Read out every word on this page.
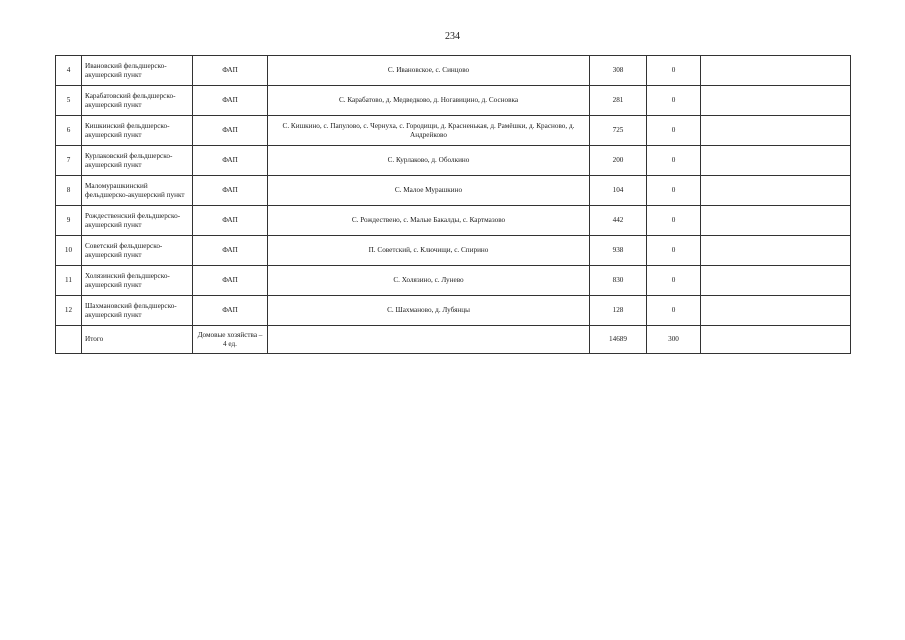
234
4	Ивановский фельдшерско-акушерский пункт	ФАП	С. Ивановское, с. Синцово	308	0	
5	Карабатовский фельдшерско-акушерский пункт	ФАП	С. Карабатово, д. Медведково, д. Ногавицино, д. Сосновка	281	0	
6	Кишкинский фельдшерско-акушерский пункт	ФАП	С. Кишкино, с. Папулово, с. Чернуха, с. Городищи, д. Красненькая, д. Рамёшки, д. Красново, д. Андрейково	725	0	
7	Курлаковский фельдшерско-акушерский пункт	ФАП	С. Курлаково, д. Оболкино	200	0	
8	Маломурашкинский фельдшерско-акушерский пункт	ФАП	С. Малое Мурашкино	104	0	
9	Рождественский фельдшерско-акушерский пункт	ФАП	С. Рождествено, с. Малые Бакалды, с. Картмазово	442	0	
10	Советский фельдшерско-акушерский пункт	ФАП	П. Советский, с. Ключищи, с. Спирино	938	0	
11	Холязинский фельдшерско-акушерский пункт	ФАП	С. Холязино, с. Лунево	830	0	
12	Шахмановский фельдшерско-акушерский пункт	ФАП	С. Шахманово, д. Лубянцы	128	0	
	Итого	Домовые хозяйства – 4 ед.		14689	300	
